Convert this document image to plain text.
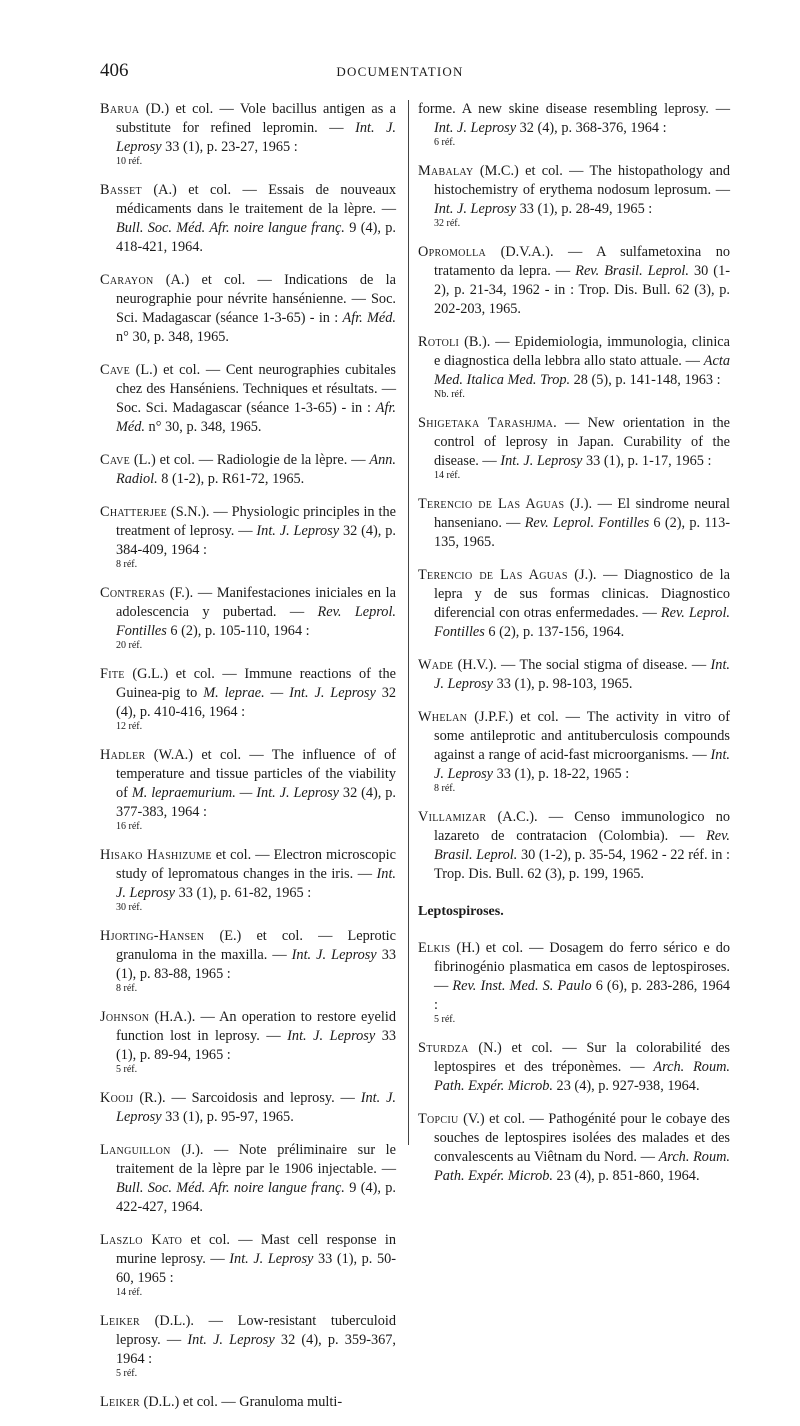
406	DOCUMENTATION
Barua (D.) et col. — Vole bacillus antigen as a substitute for refined lepromin. — Int. J. Leprosy 33 (1), p. 23-27, 1965 :
10 réf.
Basset (A.) et col. — Essais de nouveaux médicaments dans le traitement de la lèpre. — Bull. Soc. Méd. Afr. noire langue franç. 9 (4), p. 418-421, 1964.
Carayon (A.) et col. — Indications de la neurographie pour névrite hansénienne. — Soc. Sci. Madagascar (séance 1-3-65) - in : Afr. Méd. n° 30, p. 348, 1965.
Cave (L.) et col. — Cent neurographies cubitales chez des Hanséniens. Techniques et résultats. — Soc. Sci. Madagascar (séance 1-3-65) - in : Afr. Méd. n° 30, p. 348, 1965.
Cave (L.) et col. — Radiologie de la lèpre. — Ann. Radiol. 8 (1-2), p. R61-72, 1965.
Chatterjee (S.N.). — Physiologic principles in the treatment of leprosy. — Int. J. Leprosy 32 (4), p. 384-409, 1964 :
8 réf.
Contreras (F.). — Manifestaciones iniciales en la adolescencia y pubertad. — Rev. Leprol. Fontilles 6 (2), p. 105-110, 1964 :
20 réf.
Fite (G.L.) et col. — Immune reactions of the Guinea-pig to M. leprae. — Int. J. Leprosy 32 (4), p. 410-416, 1964 :
12 réf.
Hadler (W.A.) et col. — The influence of of temperature and tissue particles of the viability of M. lepraemurium. — Int. J. Leprosy 32 (4), p. 377-383, 1964 :
16 réf.
Hisako Hashizume et col. — Electron microscopic study of lepromatous changes in the iris. — Int. J. Leprosy 33 (1), p. 61-82, 1965 :
30 réf.
Hjorting-Hansen (E.) et col. — Leprotic granuloma in the maxilla. — Int. J. Leprosy 33 (1), p. 83-88, 1965 :
8 réf.
Johnson (H.A.). — An operation to restore eyelid function lost in leprosy. — Int. J. Leprosy 33 (1), p. 89-94, 1965 :
5 réf.
Kooij (R.). — Sarcoidosis and leprosy. — Int. J. Leprosy 33 (1), p. 95-97, 1965.
Languillon (J.). — Note préliminaire sur le traitement de la lèpre par le 1906 injectable. — Bull. Soc. Méd. Afr. noire langue franç. 9 (4), p. 422-427, 1964.
Laszlo Kato et col. — Mast cell response in murine leprosy. — Int. J. Leprosy 33 (1), p. 50-60, 1965 :
14 réf.
Leiker (D.L.). — Low-resistant tuberculoid leprosy. — Int. J. Leprosy 32 (4), p. 359-367, 1964 :
5 réf.
Leiker (D.L.) et col. — Granuloma multi-
forme. A new skine disease resembling leprosy. — Int. J. Leprosy 32 (4), p. 368-376, 1964 :
6 réf.
Mabalay (M.C.) et col. — The histopathology and histochemistry of erythema nodosum leprosum. — Int. J. Leprosy 33 (1), p. 28-49, 1965 :
32 réf.
Opromolla (D.V.A.). — A sulfametoxina no tratamento da lepra. — Rev. Brasil. Leprol. 30 (1-2), p. 21-34, 1962 - in : Trop. Dis. Bull. 62 (3), p. 202-203, 1965.
Rotoli (B.). — Epidemiologia, immunologia, clinica e diagnostica della lebbra allo stato attuale. — Acta Med. Italica Med. Trop. 28 (5), p. 141-148, 1963 :
Nb. réf.
Shigetaka Tarashjma. — New orientation in the control of leprosy in Japan. Curability of the disease. — Int. J. Leprosy 33 (1), p. 1-17, 1965 :
14 réf.
Terencio de Las Aguas (J.). — El sindrome neural hanseniano. — Rev. Leprol. Fontilles 6 (2), p. 113-135, 1965.
Terencio de Las Aguas (J.). — Diagnostico de la lepra y de sus formas clinicas. Diagnostico diferencial con otras enfermedades. — Rev. Leprol. Fontilles 6 (2), p. 137-156, 1964.
Wade (H.V.). — The social stigma of disease. — Int. J. Leprosy 33 (1), p. 98-103, 1965.
Whelan (J.P.F.) et col. — The activity in vitro of some antileprotic and antituberculosis compounds against a range of acid-fast microorganisms. — Int. J. Leprosy 33 (1), p. 18-22, 1965 :
8 réf.
Villamizar (A.C.). — Censo immunologico no lazareto de contratacion (Colombia). — Rev. Brasil. Leprol. 30 (1-2), p. 35-54, 1962 - 22 réf. in : Trop. Dis. Bull. 62 (3), p. 199, 1965.
Leptospiroses.
Elkis (H.) et col. — Dosagem do ferro sérico e do fibrinogénio plasmatica em casos de leptospiroses. — Rev. Inst. Med. S. Paulo 6 (6), p. 283-286, 1964 :
5 réf.
Sturdza (N.) et col. — Sur la colorabilité des leptospires et des tréponèmes. — Arch. Roum. Path. Expér. Microb. 23 (4), p. 927-938, 1964.
Topciu (V.) et col. — Pathogénité pour le cobaye des souches de leptospires isolées des malades et des convalescents au Viêtnam du Nord. — Arch. Roum. Path. Expér. Microb. 23 (4), p. 851-860, 1964.
